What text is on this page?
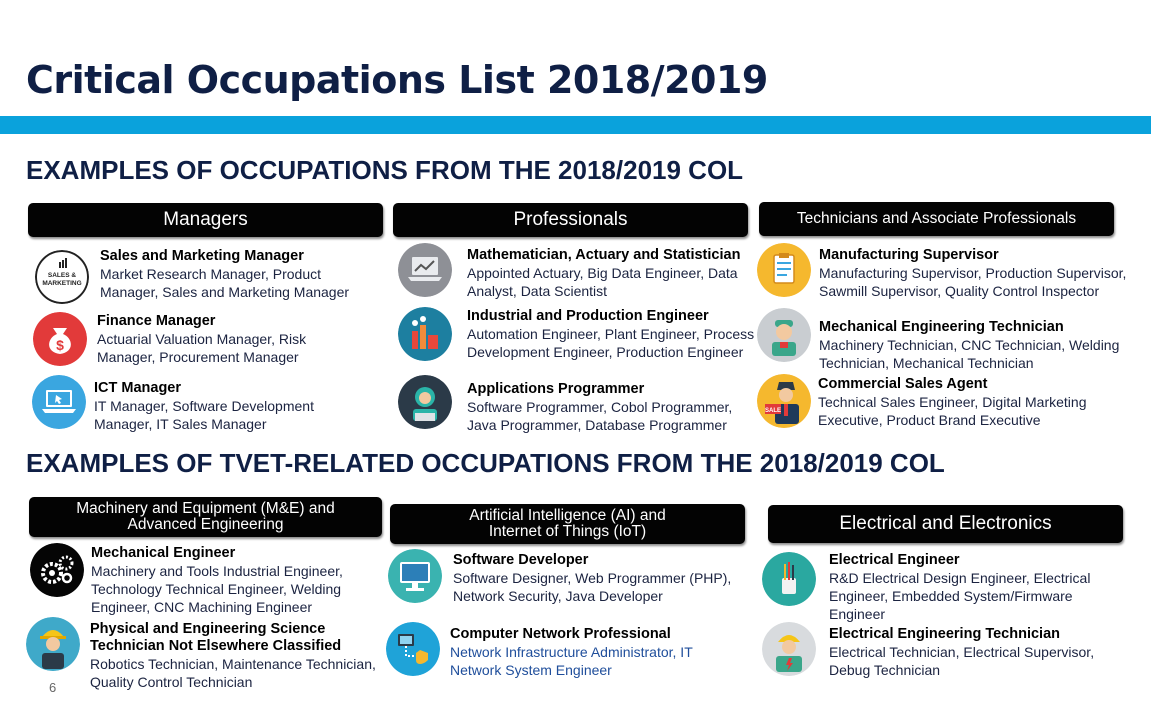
Critical Occupations List 2018/2019
EXAMPLES OF OCCUPATIONS FROM THE 2018/2019 COL
Managers	Professionals	Technicians and Associate Professionals
SALES &
MARKETING
Sales and Marketing Manager
Market Research Manager, Product Manager, Sales and Marketing Manager
$
Finance Manager
Actuarial Valuation Manager, Risk Manager, Procurement Manager
ICT Manager
IT Manager, Software Development Manager, IT Sales Manager
Mathematician, Actuary and Statistician
Appointed Actuary, Big Data Engineer, Data Analyst, Data Scientist
Industrial and Production Engineer
Automation Engineer, Plant Engineer, Process Development Engineer, Production Engineer
Applications Programmer
Software Programmer, Cobol Programmer, Java Programmer, Database Programmer
Manufacturing Supervisor
Manufacturing Supervisor, Production Supervisor, Sawmill Supervisor, Quality Control Inspector
Mechanical Engineering Technician
Machinery Technician, CNC Technician, Welding Technician, Mechanical Technician
SALE
Commercial Sales Agent
Technical Sales Engineer, Digital Marketing Executive, Product Brand Executive
EXAMPLES OF TVET-RELATED OCCUPATIONS FROM THE 2018/2019 COL
Machinery and Equipment (M&E) and
Advanced Engineering
Artificial Intelligence (AI) and
Internet of Things (IoT)	Electrical and Electronics
Mechanical Engineer
Machinery and Tools Industrial Engineer, Technology Technical Engineer, Welding Engineer, CNC Machining Engineer
Physical and Engineering Science
Technician Not Elsewhere Classified
Robotics Technician, Maintenance Technician, Quality Control Technician
Software Developer
Software Designer, Web Programmer (PHP), Network Security, Java Developer
Computer Network Professional
Network Infrastructure Administrator, IT Network System Engineer
Electrical Engineer
R&D Electrical Design Engineer, Electrical Engineer, Embedded System/Firmware Engineer
Electrical Engineering Technician
Electrical Technician, Electrical Supervisor, Debug Technician
6
